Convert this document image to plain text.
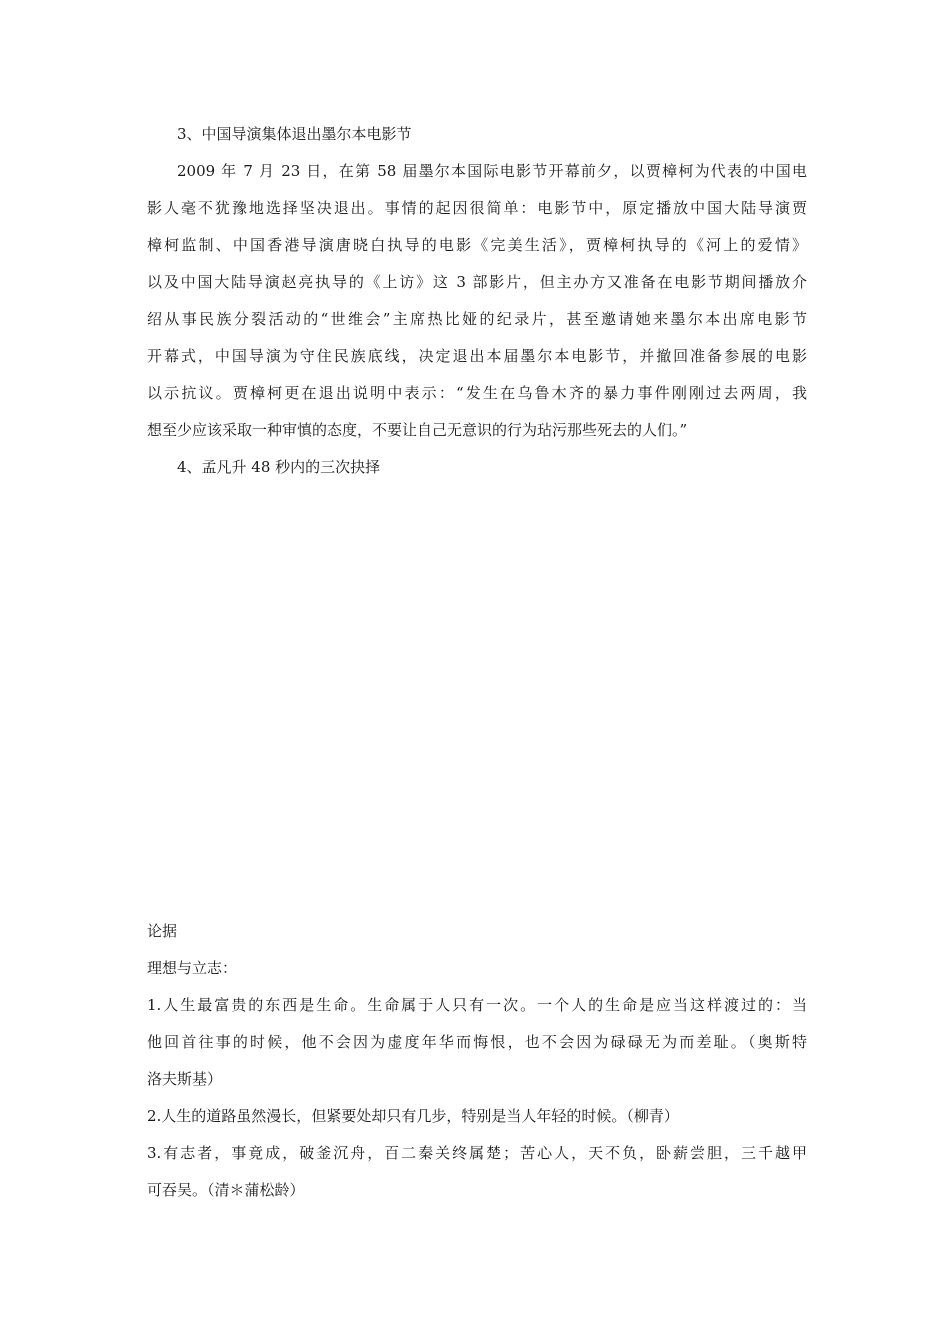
3、中国导演集体退出墨尔本电影节
2009 年 7 月 23 日，在第 58 届墨尔本国际电影节开幕前夕，以贾樟柯为代表的中国电
影人毫不犹豫地选择坚决退出。事情的起因很简单：电影节中，原定播放中国大陆导演贾
樟柯监制、中国香港导演唐晓白执导的电影《完美生活》，贾樟柯执导的《河上的爱情》
以及中国大陆导演赵亮执导的《上访》这 3 部影片，但主办方又准备在电影节期间播放介
绍从事民族分裂活动的“世维会”主席热比娅的纪录片，甚至邀请她来墨尔本出席电影节
开幕式，中国导演为守住民族底线，决定退出本届墨尔本电影节，并撤回准备参展的电影
以示抗议。贾樟柯更在退出说明中表示：“发生在乌鲁木齐的暴力事件刚刚过去两周，我
想至少应该采取一种审慎的态度，不要让自己无意识的行为玷污那些死去的人们。”
4、孟凡升 48 秒内的三次抉择
论据
理想与立志：
1.人生最富贵的东西是生命。生命属于人只有一次。一个人的生命是应当这样渡过的：当
他回首往事的时候，他不会因为虚度年华而悔恨，也不会因为碌碌无为而差耻。（奥斯特
洛夫斯基）
2.人生的道路虽然漫长，但紧要处却只有几步，特别是当人年轻的时候。（柳青）
3.有志者，事竟成，破釜沉舟，百二秦关终属楚；苦心人，天不负，卧薪尝胆，三千越甲
可吞吴。（清＊蒲松龄）
